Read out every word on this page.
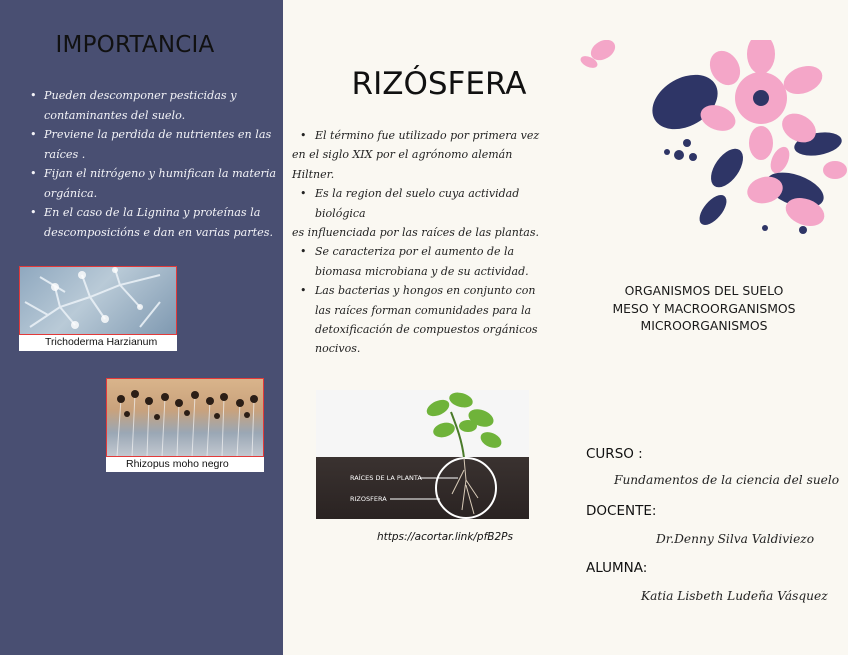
IMPORTANCIA
• Pueden descomponer pesticidas y contaminantes del suelo.
• Previene la perdida de nutrientes en las raíces .
• Fijan el nitrógeno y humifican la materia orgánica.
• En el caso de la Lignina y proteínas la descomposicións e dan en varias partes.
Trichoderma Harzianum
Rhizopus moho negro
RIZÓSFERA
• El término fue utilizado por primera vez
en el siglo XIX por el agrónomo alemán
Hiltner.
• Es la region del suelo cuya actividad
biológica
es influenciada por las raíces de las plantas.
• Se caracteriza por el aumento de la
biomasa microbiana y de su actividad.
• Las bacterias y hongos en conjunto con
las raíces forman comunidades para la
detoxificación de compuestos orgánicos
nocivos.
RAÍCES DE LA PLANTA
RIZOSFERA
https://acortar.link/pfB2Ps
ORGANISMOS DEL SUELO
MESO Y MACROORGANISMOS
MICROORGANISMOS
CURSO :
Fundamentos de la ciencia del suelo
DOCENTE:
Dr.Denny Silva Valdiviezo
ALUMNA:
Katia Lisbeth Ludeña Vásquez
